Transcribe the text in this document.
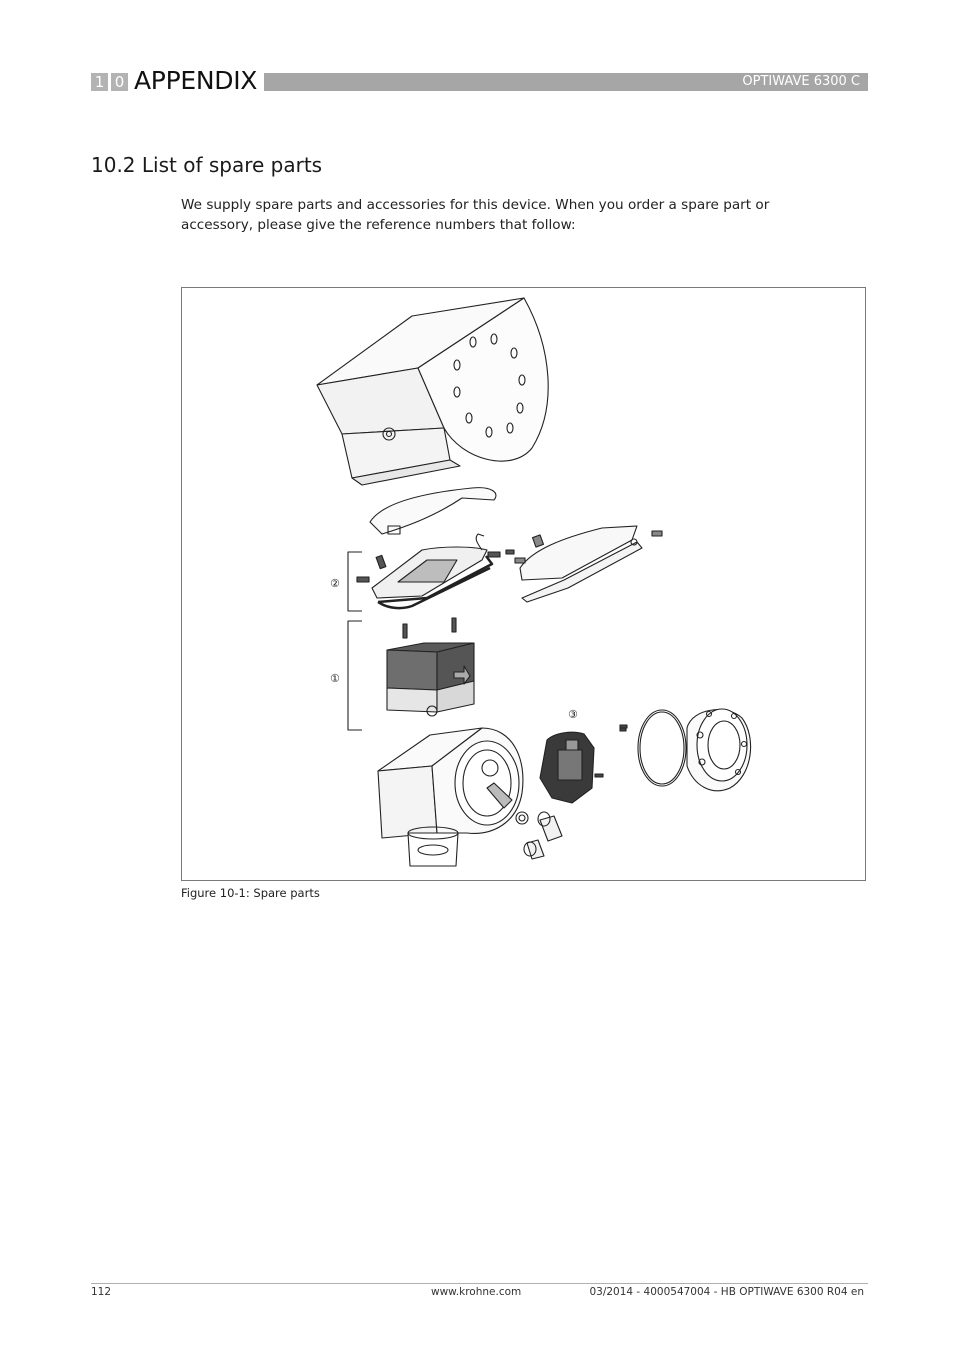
1 0 APPENDIX	OPTIWAVE 6300 C
10.2 List of spare parts
We supply spare parts and accessories for this device. When you order a spare part or accessory, please give the reference numbers that follow:
②
①
③
Figure 10-1: Spare parts
112	www.krohne.com	03/2014 - 4000547004 - HB OPTIWAVE 6300 R04 en
